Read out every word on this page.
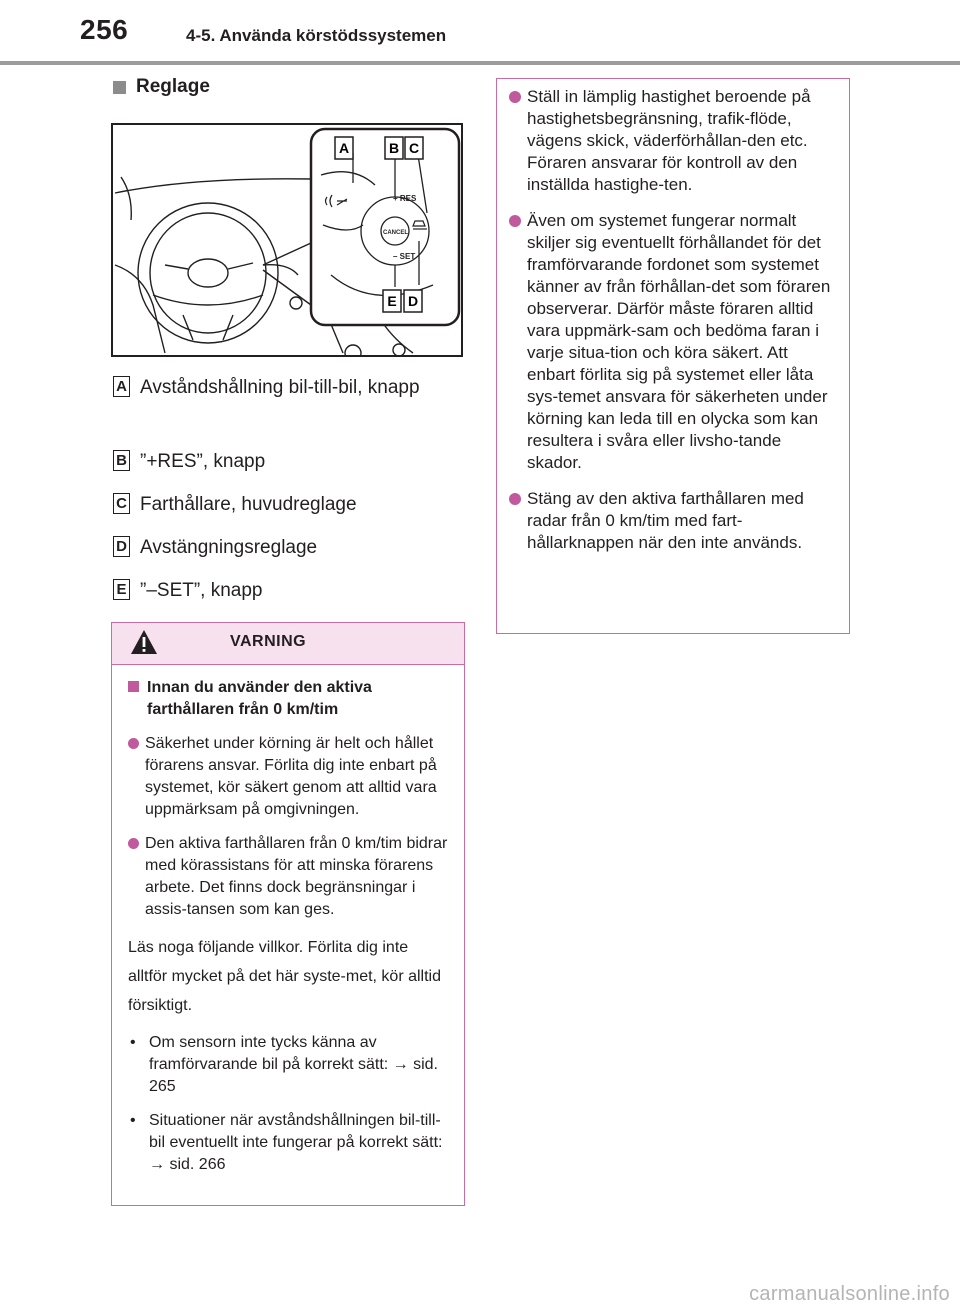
256	4-5. Använda körstödssystemen
Reglage
A	B C
E D
+ RES
CANCEL
– SET
A Avståndshållning bil-till-bil, knapp
B ”+RES”, knapp
C Farthållare, huvudreglage
D Avstängningsreglage
E ”–SET”, knapp
VARNING
Innan du använder den aktiva farthållaren från 0 km/tim
Säkerhet under körning är helt och hållet förarens ansvar. Förlita dig inte enbart på systemet, kör säkert genom att alltid vara uppmärksam på omgivningen.
Den aktiva farthållaren från 0 km/tim bidrar med körassistans för att minska förarens arbete. Det finns dock begränsningar i assis-tansen som kan ges.
Läs noga följande villkor. Förlita dig inte alltför mycket på det här syste-met, kör alltid försiktigt.
• Om sensorn inte tycks känna av framförvarande bil på korrekt sätt: → sid. 265
• Situationer när avståndshållningen bil-till-bil eventuellt inte fungerar på korrekt sätt: → sid. 266
Ställ in lämplig hastighet beroende på hastighetsbegränsning, trafik-flöde, vägens skick, väderförhållan-den etc. Föraren ansvarar för kontroll av den inställda hastighe-ten.
Även om systemet fungerar normalt skiljer sig eventuellt förhållandet för det framförvarande fordonet som systemet känner av från förhållan-det som föraren observerar. Därför måste föraren alltid vara uppmärk-sam och bedöma faran i varje situa-tion och köra säkert. Att enbart förlita sig på systemet eller låta sys-temet ansvara för säkerheten under körning kan leda till en olycka som kan resultera i svåra eller livsho-tande skador.
Stäng av den aktiva farthållaren med radar från 0 km/tim med fart-hållarknappen när den inte används.
carmanualsonline.info
